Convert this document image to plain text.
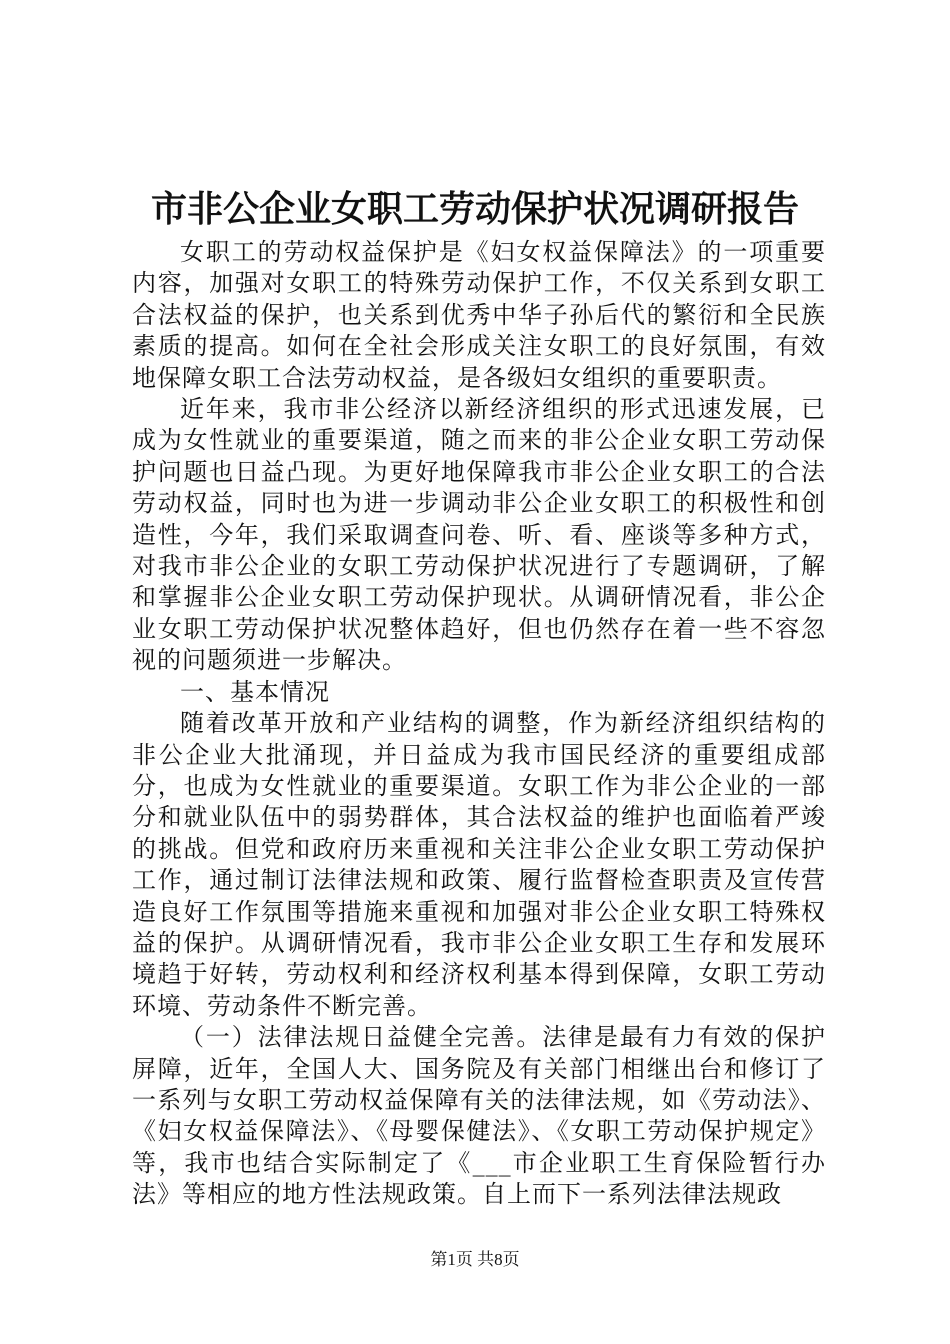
市非公企业女职工劳动保护状况调研报告

女职工的劳动权益保护是《妇女权益保障法》的一项重要内容，加强对女职工的特殊劳动保护工作，不仅关系到女职工合法权益的保护，也关系到优秀中华子孙后代的繁衍和全民族素质的提高。如何在全社会形成关注女职工的良好氛围，有效地保障女职工合法劳动权益，是各级妇女组织的重要职责。

近年来，我市非公经济以新经济组织的形式迅速发展，已成为女性就业的重要渠道，随之而来的非公企业女职工劳动保护问题也日益凸现。为更好地保障我市非公企业女职工的合法劳动权益，同时也为进一步调动非公企业女职工的积极性和创造性，今年，我们采取调查问卷、听、看、座谈等多种方式，对我市非公企业的女职工劳动保护状况进行了专题调研，了解和掌握非公企业女职工劳动保护现状。从调研情况看，非公企业女职工劳动保护状况整体趋好，但也仍然存在着一些不容忽视的问题须进一步解决。

一、基本情况

随着改革开放和产业结构的调整，作为新经济组织结构的非公企业大批涌现，并日益成为我市国民经济的重要组成部分，也成为女性就业的重要渠道。女职工作为非公企业的一部分和就业队伍中的弱势群体，其合法权益的维护也面临着严竣的挑战。但党和政府历来重视和关注非公企业女职工劳动保护工作，通过制订法律法规和政策、履行监督检查职责及宣传营造良好工作氛围等措施来重视和加强对非公企业女职工特殊权益的保护。从调研情况看，我市非公企业女职工生存和发展环境趋于好转，劳动权利和经济权利基本得到保障，女职工劳动环境、劳动条件不断完善。

（一）法律法规日益健全完善。法律是最有力有效的保护屏障，近年，全国人大、国务院及有关部门相继出台和修订了一系列与女职工劳动权益保障有关的法律法规，如《劳动法》、《妇女权益保障法》、《母婴保健法》、《女职工劳动保护规定》等，我市也结合实际制定了《___市企业职工生育保险暂行办法》等相应的地方性法规政策。自上而下一系列法律法规政

第1页 共8页
